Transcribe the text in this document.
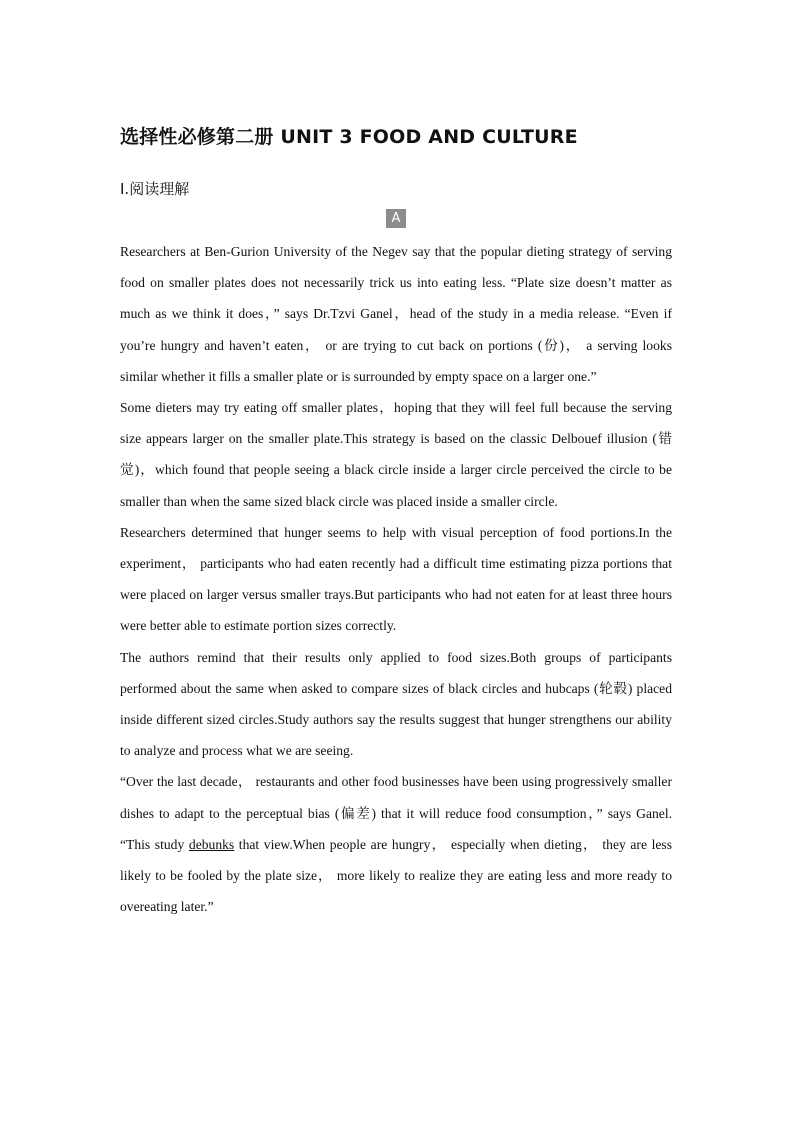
选择性必修第二册 UNIT 3 FOOD AND CULTURE
Ⅰ.阅读理解
A

Researchers at Ben-Gurion University of the Negev say that the popular dieting strategy of serving food on smaller plates does not necessarily trick us into eating less. “Plate size doesn’t matter as much as we think it does，” says Dr.Tzvi Ganel，head of the study in a media release. “Even if you’re hungry and haven’t eaten， or are trying to cut back on portions (份)， a serving looks similar whether it fills a smaller plate or is surrounded by empty space on a larger one.”

Some dieters may try eating off smaller plates，hoping that they will feel full because the serving size appears larger on the smaller plate.This strategy is based on the classic Delbouef illusion (错觉)，which found that people seeing a black circle inside a larger circle perceived the circle to be smaller than when the same sized black circle was placed inside a smaller circle.

Researchers determined that hunger seems to help with visual perception of food portions.In the experiment， participants who had eaten recently had a difficult time estimating pizza portions that were placed on larger versus smaller trays.But participants who had not eaten for at least three hours were better able to estimate portion sizes correctly.

The authors remind that their results only applied to food sizes.Both groups of participants performed about the same when asked to compare sizes of black circles and hubcaps (轮毂) placed inside different sized circles.Study authors say the results suggest that hunger strengthens our ability to analyze and process what we are seeing.

“Over the last decade， restaurants and other food businesses have been using progressively smaller dishes to adapt to the perceptual bias (偏差) that it will reduce food consumption，” says Ganel. “This study debunks that view.When people are hungry， especially when dieting， they are less likely to be fooled by the plate size， more likely to realize they are eating less and more ready to overeating later.”
